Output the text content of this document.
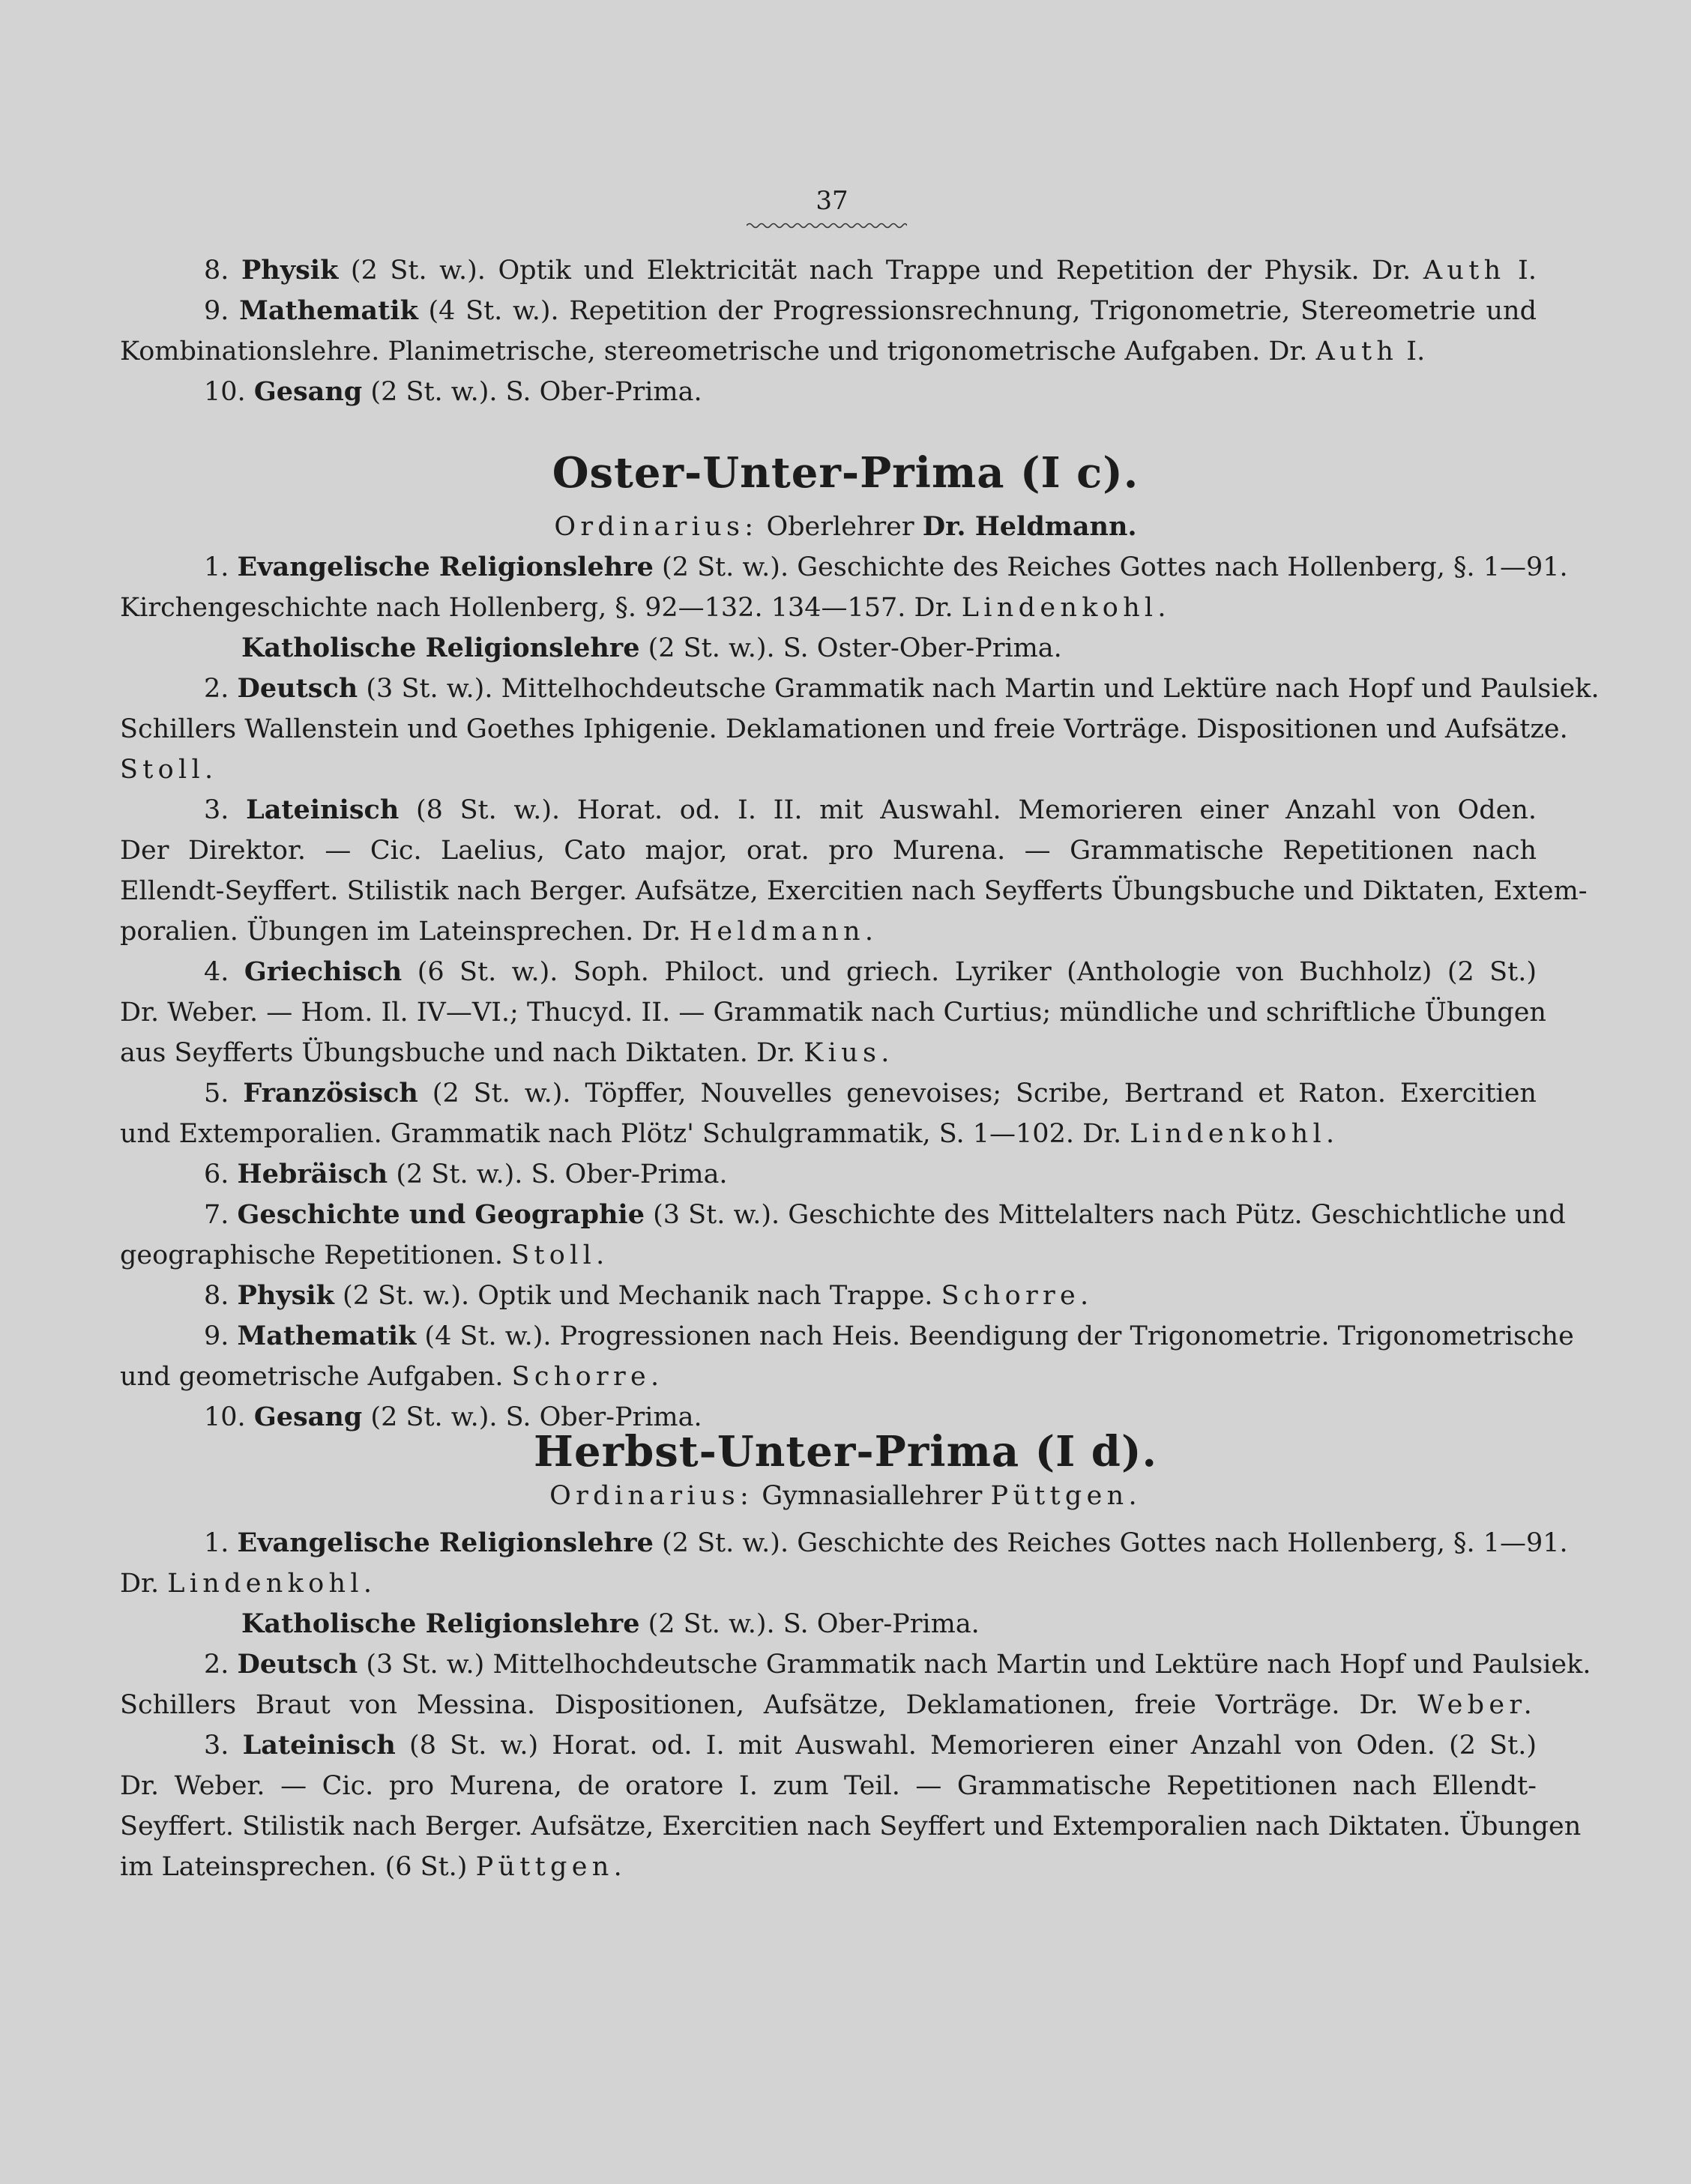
37
8. Physik (2 St. w.). Optik und Elektricität nach Trappe und Repetition der Physik. Dr. Auth I.
9. Mathematik (4 St. w.). Repetition der Progressionsrechnung, Trigonometrie, Stereometrie und
Kombinationslehre. Planimetrische, stereometrische und trigonometrische Aufgaben. Dr. Auth I.
10. Gesang (2 St. w.). S. Ober-Prima.
Oster-Unter-Prima (I c).
Ordinarius: Oberlehrer Dr. Heldmann.
1. Evangelische Religionslehre (2 St. w.). Geschichte des Reiches Gottes nach Hollenberg, §. 1—91.
Kirchengeschichte nach Hollenberg, §. 92—132. 134—157. Dr. Lindenkohl.
Katholische Religionslehre (2 St. w.). S. Oster-Ober-Prima.
2. Deutsch (3 St. w.). Mittelhochdeutsche Grammatik nach Martin und Lektüre nach Hopf und Paulsiek.
Schillers Wallenstein und Goethes Iphigenie. Deklamationen und freie Vorträge. Dispositionen und Aufsätze.
Stoll.
3. Lateinisch (8 St. w.). Horat. od. I. II. mit Auswahl. Memorieren einer Anzahl von Oden.
Der Direktor. — Cic. Laelius, Cato major, orat. pro Murena. — Grammatische Repetitionen nach
Ellendt-Seyffert. Stilistik nach Berger. Aufsätze, Exercitien nach Seyfferts Übungsbuche und Diktaten, Extem-
poralien. Übungen im Lateinsprechen. Dr. Heldmann.
4. Griechisch (6 St. w.). Soph. Philoct. und griech. Lyriker (Anthologie von Buchholz) (2 St.)
Dr. Weber. — Hom. Il. IV—VI.; Thucyd. II. — Grammatik nach Curtius; mündliche und schriftliche Übungen
aus Seyfferts Übungsbuche und nach Diktaten. Dr. Kius.
5. Französisch (2 St. w.). Töpffer, Nouvelles genevoises; Scribe, Bertrand et Raton. Exercitien
und Extemporalien. Grammatik nach Plötz' Schulgrammatik, S. 1—102. Dr. Lindenkohl.
6. Hebräisch (2 St. w.). S. Ober-Prima.
7. Geschichte und Geographie (3 St. w.). Geschichte des Mittelalters nach Pütz. Geschichtliche und
geographische Repetitionen. Stoll.
8. Physik (2 St. w.). Optik und Mechanik nach Trappe. Schorre.
9. Mathematik (4 St. w.). Progressionen nach Heis. Beendigung der Trigonometrie. Trigonometrische
und geometrische Aufgaben. Schorre.
10. Gesang (2 St. w.). S. Ober-Prima.
Herbst-Unter-Prima (I d).
Ordinarius: Gymnasiallehrer Püttgen.
1. Evangelische Religionslehre (2 St. w.). Geschichte des Reiches Gottes nach Hollenberg, §. 1—91.
Dr. Lindenkohl.
Katholische Religionslehre (2 St. w.). S. Ober-Prima.
2. Deutsch (3 St. w.) Mittelhochdeutsche Grammatik nach Martin und Lektüre nach Hopf und Paulsiek.
Schillers Braut von Messina. Dispositionen, Aufsätze, Deklamationen, freie Vorträge. Dr. Weber.
3. Lateinisch (8 St. w.) Horat. od. I. mit Auswahl. Memorieren einer Anzahl von Oden. (2 St.)
Dr. Weber. — Cic. pro Murena, de oratore I. zum Teil. — Grammatische Repetitionen nach Ellendt-
Seyffert. Stilistik nach Berger. Aufsätze, Exercitien nach Seyffert und Extemporalien nach Diktaten. Übungen
im Lateinsprechen. (6 St.) Püttgen.
